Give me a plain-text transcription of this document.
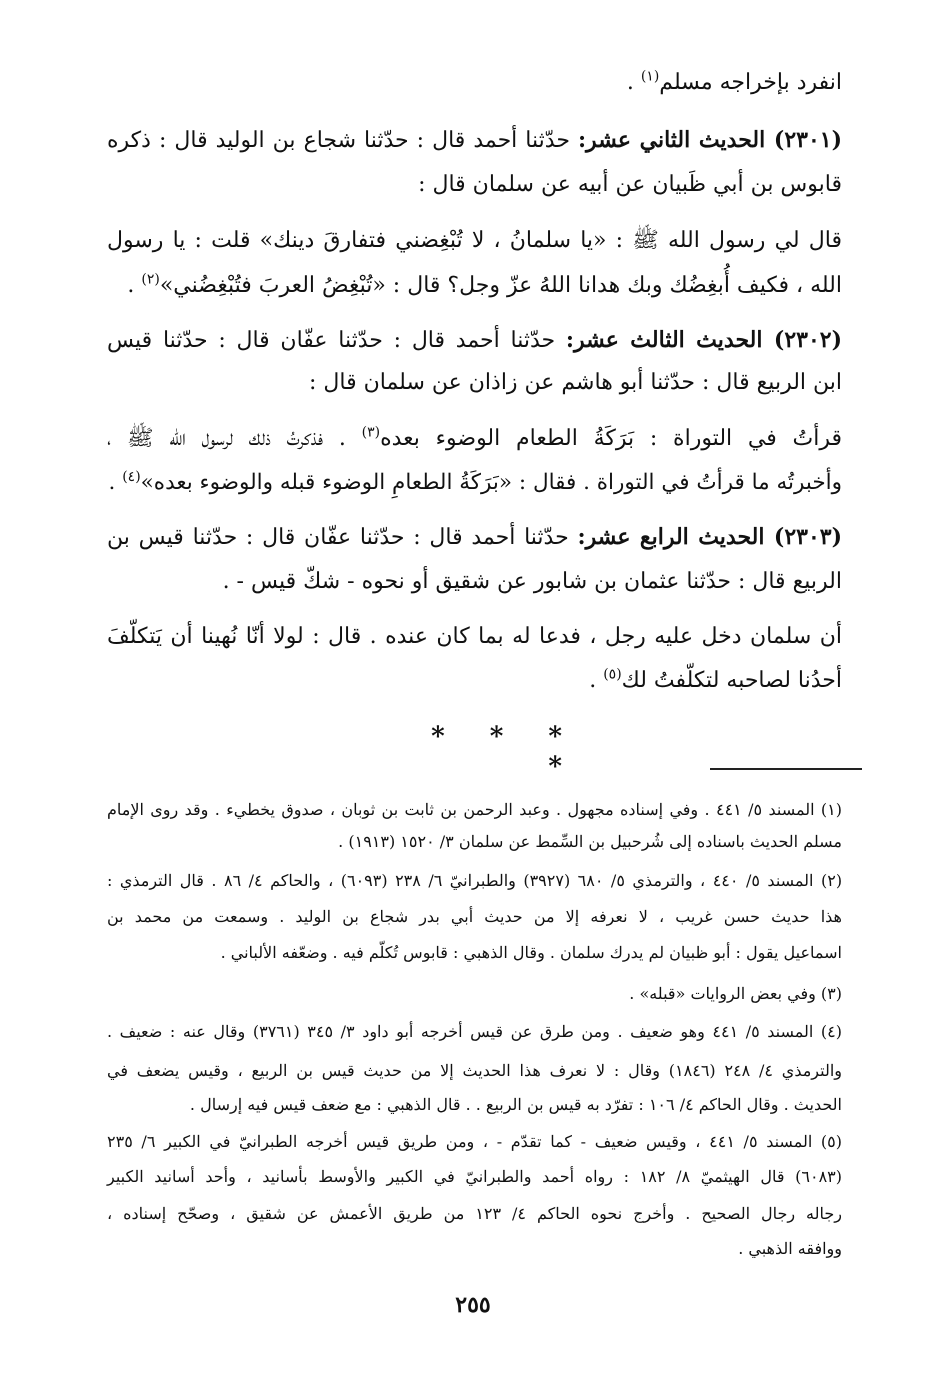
انفرد بإخراجه مسلم$^{(١)}$ .
(٢٣٠١) الحديث الثاني عشر: حدّثنا أحمد قال : حدّثنا شجاع بن الوليد قال : ذكره
قابوس بن أبي ظَبيان عن أبيه عن سلمان قال :
قال لي رسول الله ﷺ : «يا سلمانُ ، لا تُبْغِضني فتفارقَ دينك» قلت : يا رسول
الله ، فكيف أُبغِضُك وبك هدانا اللهُ عزّ وجل؟ قال : «تُبْغِضُ العربَ فتُبْغِضُني»$^{(٢)}$ .
(٢٣٠٢) الحديث الثالث عشر: حدّثنا أحمد قال : حدّثنا عفّان قال : حدّثنا قيس
ابن الربيع قال : حدّثنا أبو هاشم عن زاذان عن سلمان قال :
قرأتُ في التوراة : بَرَكَةُ الطعام الوضوء بعده$^{(٣)}$ . فذكرتُ ذلك لرسول الله ﷺ ،
وأخبرتُه ما قرأتُ في التوراة . فقال : «بَرَكَةُ الطعامِ الوضوء قبله والوضوء بعده»$^{(٤)}$ .
(٢٣٠٣) الحديث الرابع عشر: حدّثنا أحمد قال : حدّثنا عفّان قال : حدّثنا قيس بن
الربيع قال : حدّثنا عثمان بن شابور عن شقيق أو نحوه - شكّ قيس - .
أن سلمان دخل عليه رجل ، فدعا له بما كان عنده . قال : لولا أنّا نُهينا أن يَتكلّفَ
أحدُنا لصاحبه لتكلّفتُ لك$^{(٥)}$ .
* * * *
(١) المسند ٥/ ٤٤١ . وفي إسناده مجهول . وعبد الرحمن بن ثابت بن ثوبان ، صدوق يخطيء . وقد روى الإمام
مسلم الحديث باسناده إلى شُرحبيل بن السِّمط عن سلمان ٣/ ١٥٢٠ (١٩١٣) .
(٢) المسند ٥/ ٤٤٠ ، والترمذي ٥/ ٦٨٠ (٣٩٢٧) والطبرانيّ ٦/ ٢٣٨ (٦٠٩٣) ، والحاكم ٤/ ٨٦ . قال الترمذي :
هذا حديث حسن غريب ، لا نعرفه إلا من حديث أبي بدر شجاع بن الوليد . وسمعت من محمد بن
اسماعيل يقول : أبو ظبيان لم يدرك سلمان . وقال الذهبي : قابوس تُكلّم فيه . وضعّفه الألباني .
(٣) وفي بعض الروايات «قبله» .
(٤) المسند ٥/ ٤٤١ وهو ضعيف . ومن طرق عن قيس أخرجه أبو داود ٣/ ٣٤٥ (٣٧٦١) وقال عنه : ضعيف .
والترمذي ٤/ ٢٤٨ (١٨٤٦) وقال : لا نعرف هذا الحديث إلا من حديث قيس بن الربيع ، وقيس يضعف في
الحديث . وقال الحاكم ٤/ ١٠٦ : تفرّد به قيس بن الربيع . . قال الذهبي : مع ضعف قيس فيه إرسال .
(٥) المسند ٥/ ٤٤١ ، وقيس ضعيف - كما تقدّم - ، ومن طريق قيس أخرجه الطبرانيّ في الكبير ٦/ ٢٣٥
(٦٠٨٣) قال الهيثميّ ٨/ ١٨٢ : رواه أحمد والطبرانيّ في الكبير والأوسط بأسانيد ، وأحد أسانيد الكبير
رجاله رجال الصحيح . وأخرج نحوه الحاكم ٤/ ١٢٣ من طريق الأعمش عن شقيق ، وصحّح إسناده ،
ووافقه الذهبي .
٢٥٥
